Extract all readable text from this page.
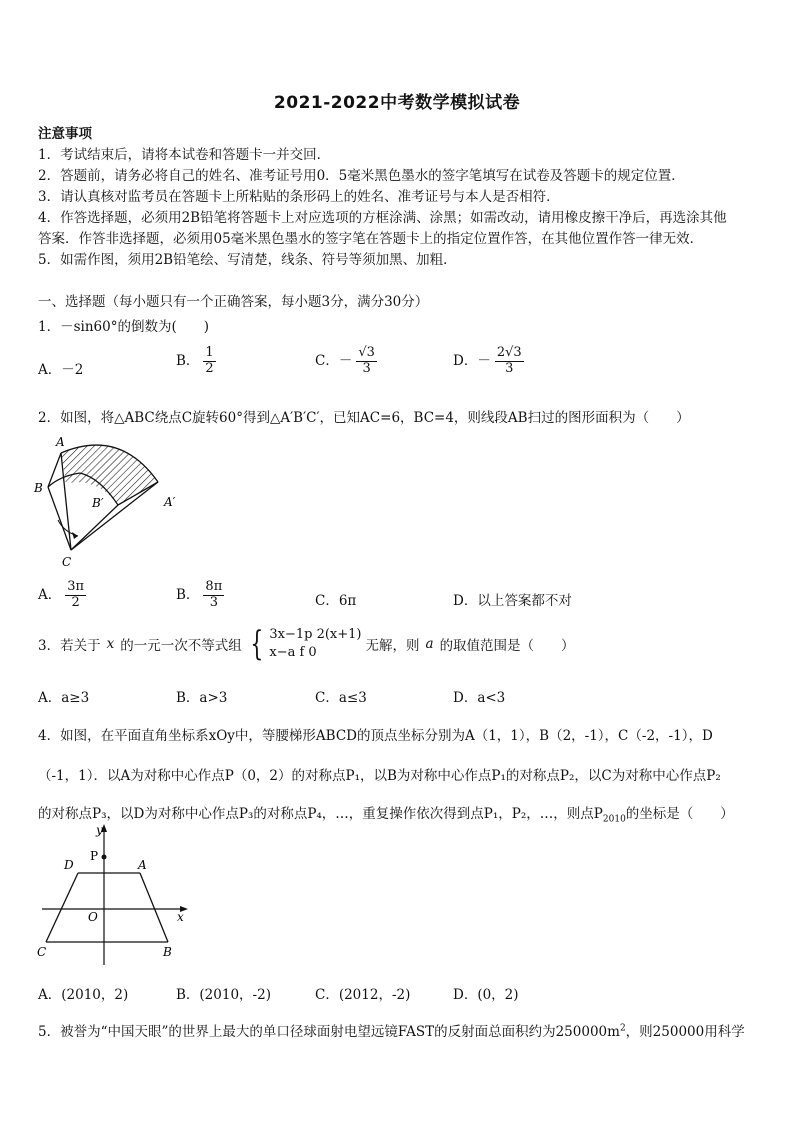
2021-2022中考数学模拟试卷
注意事项
1．考试结束后，请将本试卷和答题卡一并交回．
2．答题前，请务必将自己的姓名、准考证号用0．5毫米黑色墨水的签字笔填写在试卷及答题卡的规定位置．
3．请认真核对监考员在答题卡上所粘贴的条形码上的姓名、准考证号与本人是否相符．
4．作答选择题，必须用2B铅笔将答题卡上对应选项的方框涂满、涂黑；如需改动，请用橡皮擦干净后，再选涂其他
答案．作答非选择题，必须用05毫米黑色墨水的签字笔在答题卡上的指定位置作答，在其他位置作答一律无效．
5．如需作图，须用2B铅笔绘、写清楚，线条、符号等须加黑、加粗．
一、选择题（每小题只有一个正确答案，每小题3分，满分30分）
1．－sin60°的倒数为(　　)
A．－2
B． $\frac{1}{2}$	C．－ $\frac{√3}{3}$	D．－ $\frac{2√3}{3}$
2．如图，将△ABC绕点C旋转60°得到△A′B′C′，已知AC=6，BC=4，则线段AB扫过的图形面积为（　　）
A
B
B′	A′
C
A． $\frac{3\pi}{2}$	B． $\frac{8\pi}{3}$	C．6π	D．以上答案都不对
3．若关于 x 的一元一次不等式组 { 3x−1p 2(x+1)
x−a f 0	无解，则 a 的取值范围是（　　）
A．a≥3	B．a>3	C．a≤3	D．a<3
4．如图，在平面直角坐标系xOy中，等腰梯形ABCD的顶点坐标分别为A（1，1），B（2，-1），C（-2，-1），D
（-1，1）．以A为对称中心作点P（0，2）的对称点P₁，以B为对称中心作点P₁的对称点P₂，以C为对称中心作点P₂
的对称点P₃，以D为对称中心作点P₃的对称点P₄，…，重复操作依次得到点P₁，P₂，…，则点$P_{2010}$的坐标是（　　）
y
P
D	A
O	x
C	B
A．(2010，2)	B．(2010，-2)	C．(2012，-2)	D．(0，2)
5．被誉为“中国天眼”的世界上最大的单口径球面射电望远镜FAST的反射面总面积约为$250000m^2$，则250000用科学
